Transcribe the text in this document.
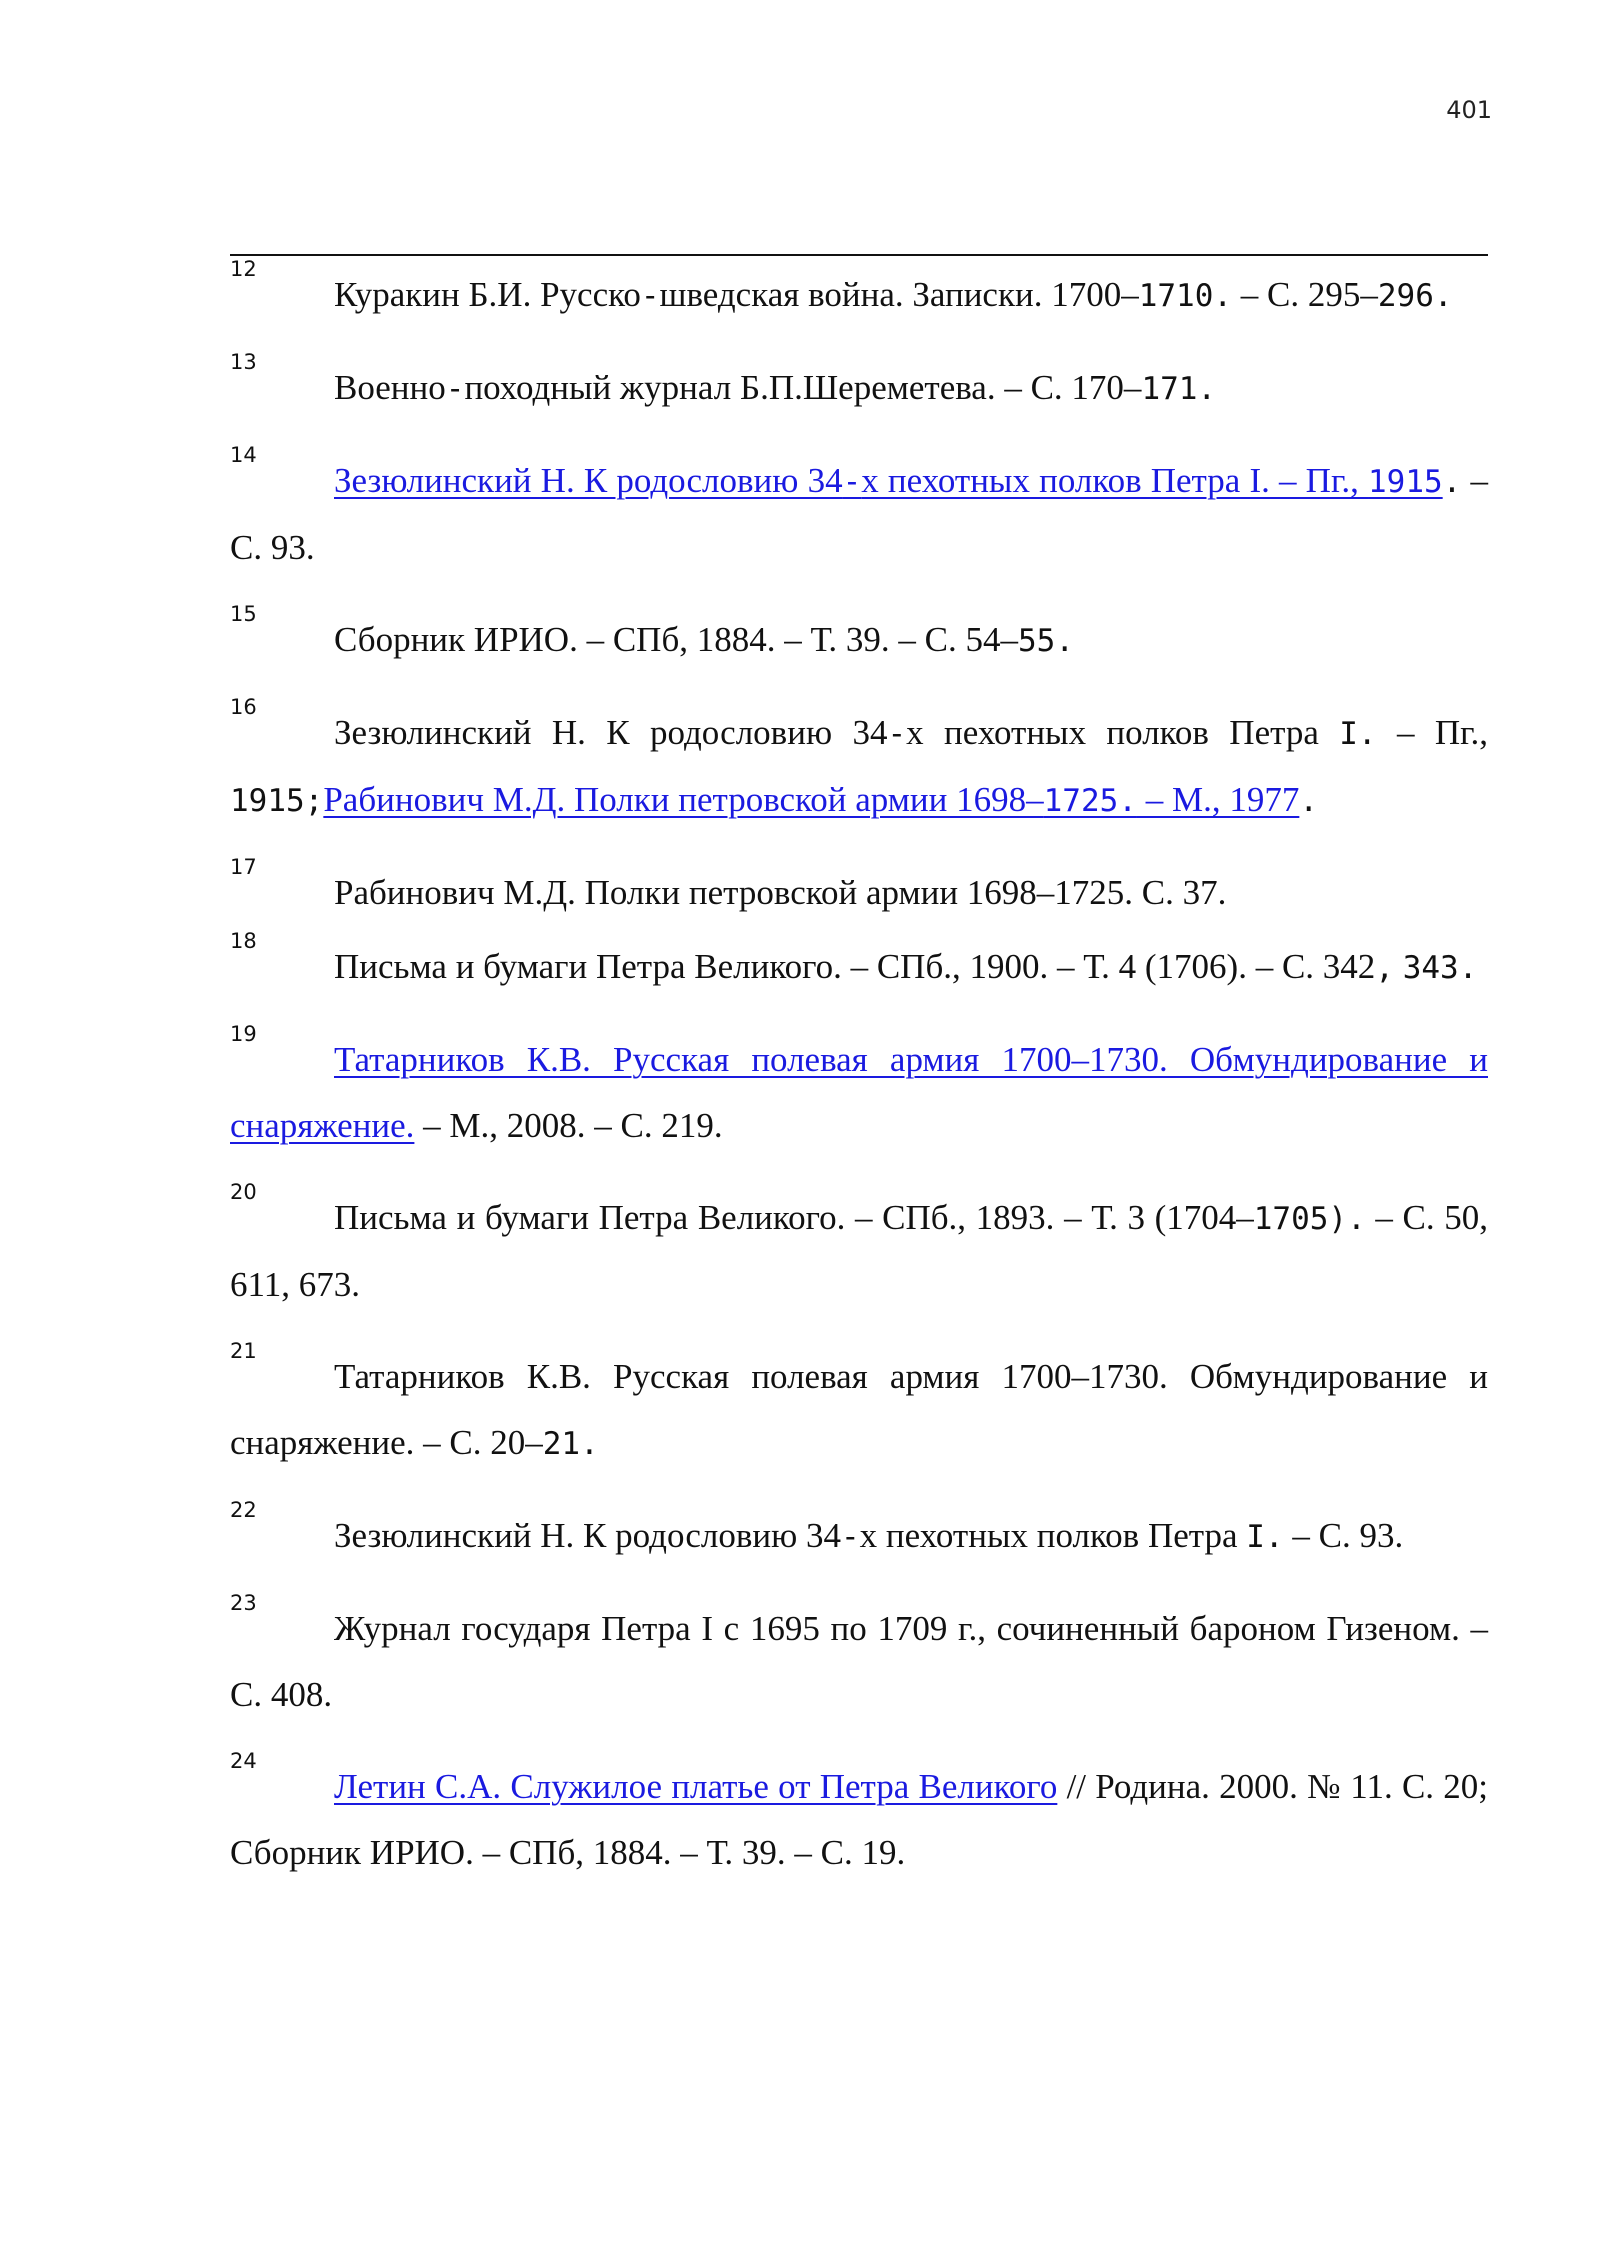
401
12
Куракин Б.И. Русско-шведская война. Записки. 1700–1710. – С. 295–296.
13
Военно-походный журнал Б.П.Шереметева. – С. 170–171.
14
Зезюлинский Н. К родословию 34-х пехотных полков Петра I. – Пг., 1915. – С. 93.
15
Сборник ИРИО. – СПб, 1884. – Т. 39. – С. 54–55.
16
Зезюлинский Н. К родословию 34-х пехотных полков Петра I. – Пг., 1915;Рабинович М.Д. Полки петровской армии 1698–1725. – М., 1977.
17
Рабинович М.Д. Полки петровской армии 1698–1725. С. 37.
18
Письма и бумаги Петра Великого. – СПб., 1900. – Т. 4 (1706). – С. 342, 343.
19
Татарников К.В. Русская полевая армия 1700–1730. Обмундирование и снаряжение. – М., 2008. – С. 219.
20
Письма и бумаги Петра Великого. – СПб., 1893. – Т. 3 (1704–1705). – С. 50, 611, 673.
21
Татарников К.В. Русская полевая армия 1700–1730. Обмундирование и снаряжение. – С. 20–21.
22
Зезюлинский Н. К родословию 34-х пехотных полков Петра I. – С. 93.
23
Журнал государя Петра I с 1695 по 1709 г., сочиненный бароном Гизеном. – С. 408.
24
Летин С.А. Служилое платье от Петра Великого // Родина. 2000. № 11. С. 20; Сборник ИРИО. – СПб, 1884. – Т. 39. – С. 19.
